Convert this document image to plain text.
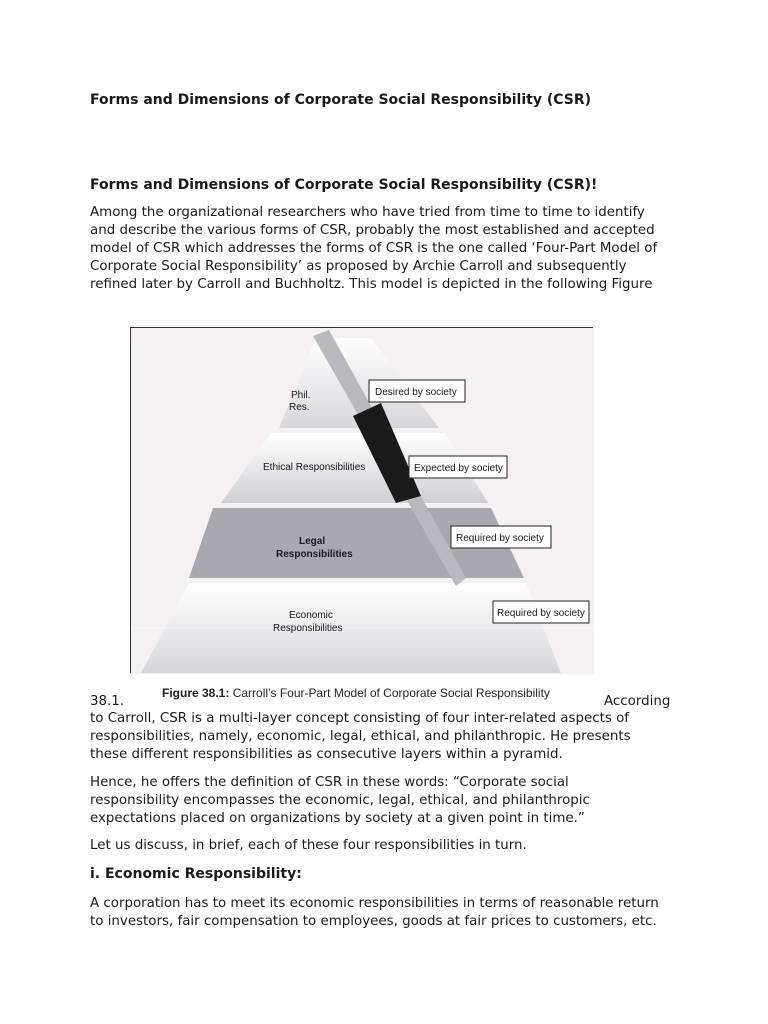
Forms and Dimensions of Corporate Social Responsibility (CSR)
Forms and Dimensions of Corporate Social Responsibility (CSR)!
Among the organizational researchers who have tried from time to time to identify
and describe the various forms of CSR, probably the most established and accepted
model of CSR which addresses the forms of CSR is the one called ‘Four-Part Model of
Corporate Social Responsibility’ as proposed by Archie Carroll and subsequently
refined later by Carroll and Buchholtz. This model is depicted in the following Figure
Phil.
Res.
Ethical Responsibilities
Legal
Responsibilities
Economic
Responsibilities
Desired by society
Expected by society
Required by society
Required by society
38.1.
Figure 38.1: Carroll’s Four-Part Model of Corporate Social Responsibility
According
to Carroll, CSR is a multi-layer concept consisting of four inter-related aspects of
responsibilities, namely, economic, legal, ethical, and philanthropic. He presents
these different responsibilities as consecutive layers within a pyramid.
Hence, he offers the definition of CSR in these words: “Corporate social
responsibility encompasses the economic, legal, ethical, and philanthropic
expectations placed on organizations by society at a given point in time.”
Let us discuss, in brief, each of these four responsibilities in turn.
i. Economic Responsibility:
A corporation has to meet its economic responsibilities in terms of reasonable return
to investors, fair compensation to employees, goods at fair prices to customers, etc.
